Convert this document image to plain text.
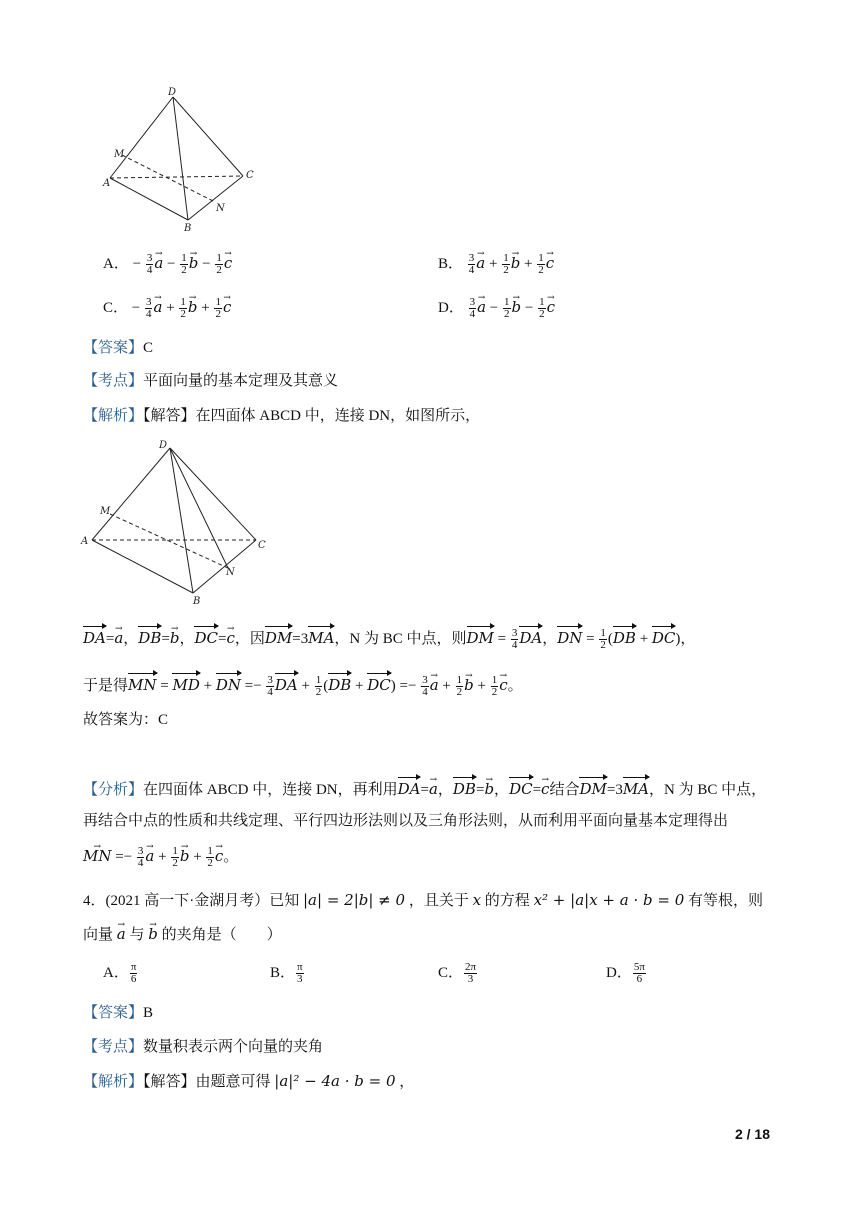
D
M
A
C
N
B
A． − $\frac{3}{4}$
→ $a - \frac{1}{2}$
→ $b - \frac{1}{2}$
→ c	B． $\frac{3}{4}$
→ $a + \frac{1}{2}$
→ $b + \frac{1}{2}$
→ c
C． − $\frac{3}{4}$
→ $a + \frac{1}{2}$
→ $b + \frac{1}{2}$
→ c	D． $\frac{3}{4}$
→ $a - \frac{1}{2}$
→ $b - \frac{1}{2}$
→ c
【答案】C
【考点】平面向量的基本定理及其意义
【解析】【解答】在四面体 ABCD 中，连接 DN，如图所示，
D
M
A	C
N
B
DA=→ a，DB=→ b，DC=→ c，因DM=3MA，N 为 BC 中点，则DM = $\frac{3}{4}$ DA，DN = $\frac{1}{2} (DB + DC)$，
于是得MN = MD + DN =− $\frac{3}{4}$ DA + $\frac{1}{2} (DB + DC) =- \frac{3}{4}$
→ $a + \frac{1}{2}$
→ $b + \frac{1}{2}$
→ c。
故答案为：C
【分析】在四面体 ABCD 中，连接 DN，再利用DA=→ a，DB=→ b，DC=→ c结合DM=3MA，N 为 BC 中点，
再结合中点的性质和共线定理、平行四边形法则以及三角形法则，从而利用平面向量基本定理得出
→ MN =− $\frac{3}{4}$
→ $a + \frac{1}{2}$
→ $b + \frac{1}{2}$
→ c。
4．(2021 高一下·金湖月考）已知 |a| = 2|b| ≠ 0 ，且关于 x 的方程 x² + |a|x + a · b = 0 有等根，则
向量 → a 与 → b 的夹角是（　　）
A． $\frac{\pi}{6}$	B． $\frac{\pi}{3}$	C． $\frac{2\pi}{3}$	D． $\frac{5\pi}{6}$
【答案】B
【考点】数量积表示两个向量的夹角
【解析】【解答】由题意可得 |a|² − 4a · b = 0 ，
2 / 18
